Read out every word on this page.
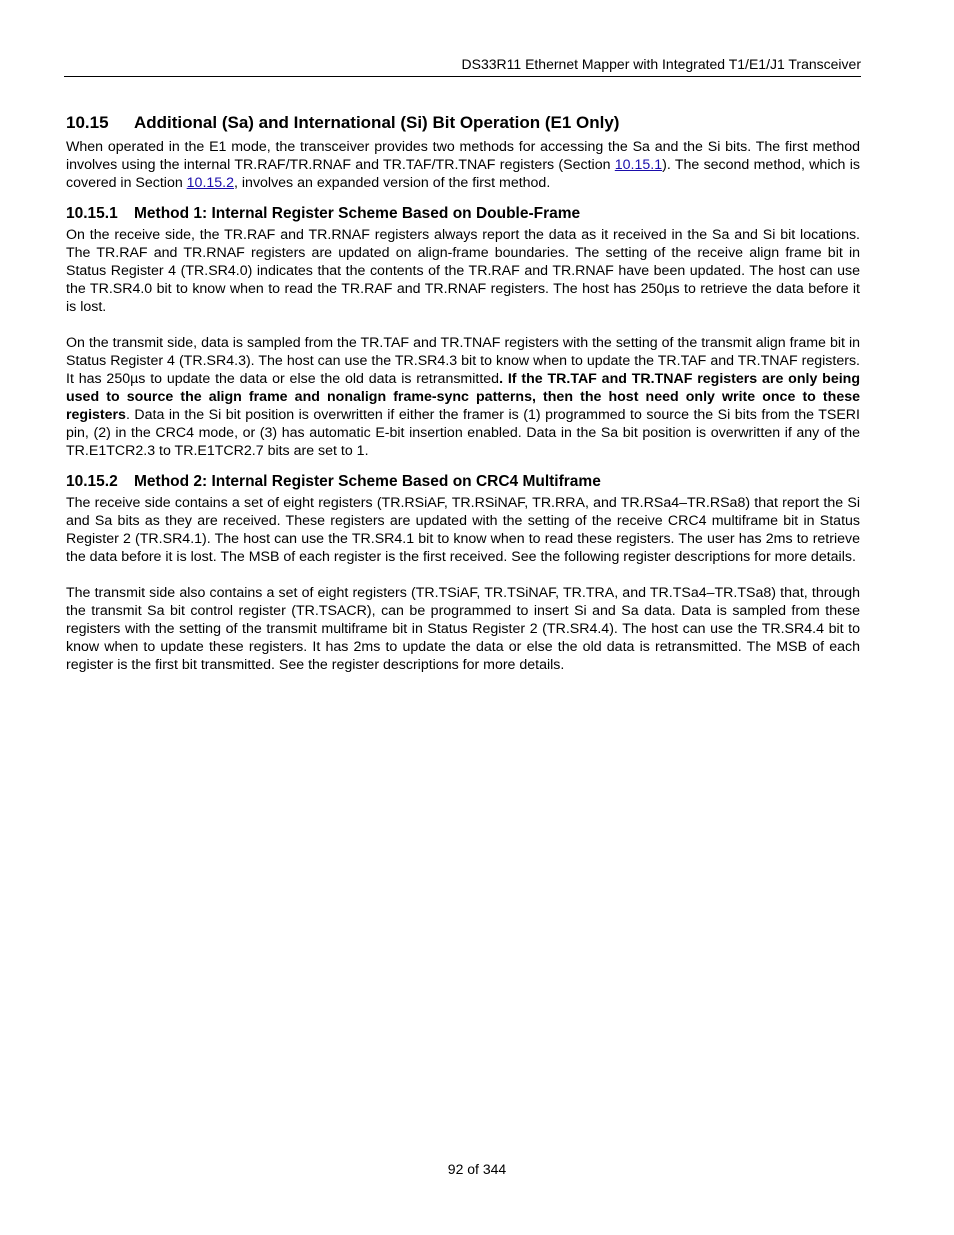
DS33R11 Ethernet Mapper with Integrated T1/E1/J1 Transceiver
10.15 Additional (Sa) and International (Si) Bit Operation (E1 Only)

When operated in the E1 mode, the transceiver provides two methods for accessing the Sa and the Si bits. The first method involves using the internal TR.RAF/TR.RNAF and TR.TAF/TR.TNAF registers (Section 10.15.1). The second method, which is covered in Section 10.15.2, involves an expanded version of the first method.

10.15.1 Method 1: Internal Register Scheme Based on Double-Frame

On the receive side, the TR.RAF and TR.RNAF registers always report the data as it received in the Sa and Si bit locations. The TR.RAF and TR.RNAF registers are updated on align-frame boundaries. The setting of the receive align frame bit in Status Register 4 (TR.SR4.0) indicates that the contents of the TR.RAF and TR.RNAF have been updated. The host can use the TR.SR4.0 bit to know when to read the TR.RAF and TR.RNAF registers. The host has 250µs to retrieve the data before it is lost.

On the transmit side, data is sampled from the TR.TAF and TR.TNAF registers with the setting of the transmit align frame bit in Status Register 4 (TR.SR4.3). The host can use the TR.SR4.3 bit to know when to update the TR.TAF and TR.TNAF registers. It has 250µs to update the data or else the old data is retransmitted. If the TR.TAF and TR.TNAF registers are only being used to source the align frame and nonalign frame-sync patterns, then the host need only write once to these registers. Data in the Si bit position is overwritten if either the framer is (1) programmed to source the Si bits from the TSERI pin, (2) in the CRC4 mode, or (3) has automatic E-bit insertion enabled. Data in the Sa bit position is overwritten if any of the TR.E1TCR2.3 to TR.E1TCR2.7 bits are set to 1.

10.15.2 Method 2: Internal Register Scheme Based on CRC4 Multiframe

The receive side contains a set of eight registers (TR.RSiAF, TR.RSiNAF, TR.RRA, and TR.RSa4–TR.RSa8) that report the Si and Sa bits as they are received. These registers are updated with the setting of the receive CRC4 multiframe bit in Status Register 2 (TR.SR4.1). The host can use the TR.SR4.1 bit to know when to read these registers. The user has 2ms to retrieve the data before it is lost. The MSB of each register is the first received. See the following register descriptions for more details.

The transmit side also contains a set of eight registers (TR.TSiAF, TR.TSiNAF, TR.TRA, and TR.TSa4–TR.TSa8) that, through the transmit Sa bit control register (TR.TSACR), can be programmed to insert Si and Sa data. Data is sampled from these registers with the setting of the transmit multiframe bit in Status Register 2 (TR.SR4.4). The host can use the TR.SR4.4 bit to know when to update these registers. It has 2ms to update the data or else the old data is retransmitted. The MSB of each register is the first bit transmitted. See the register descriptions for more details.

92 of 344
